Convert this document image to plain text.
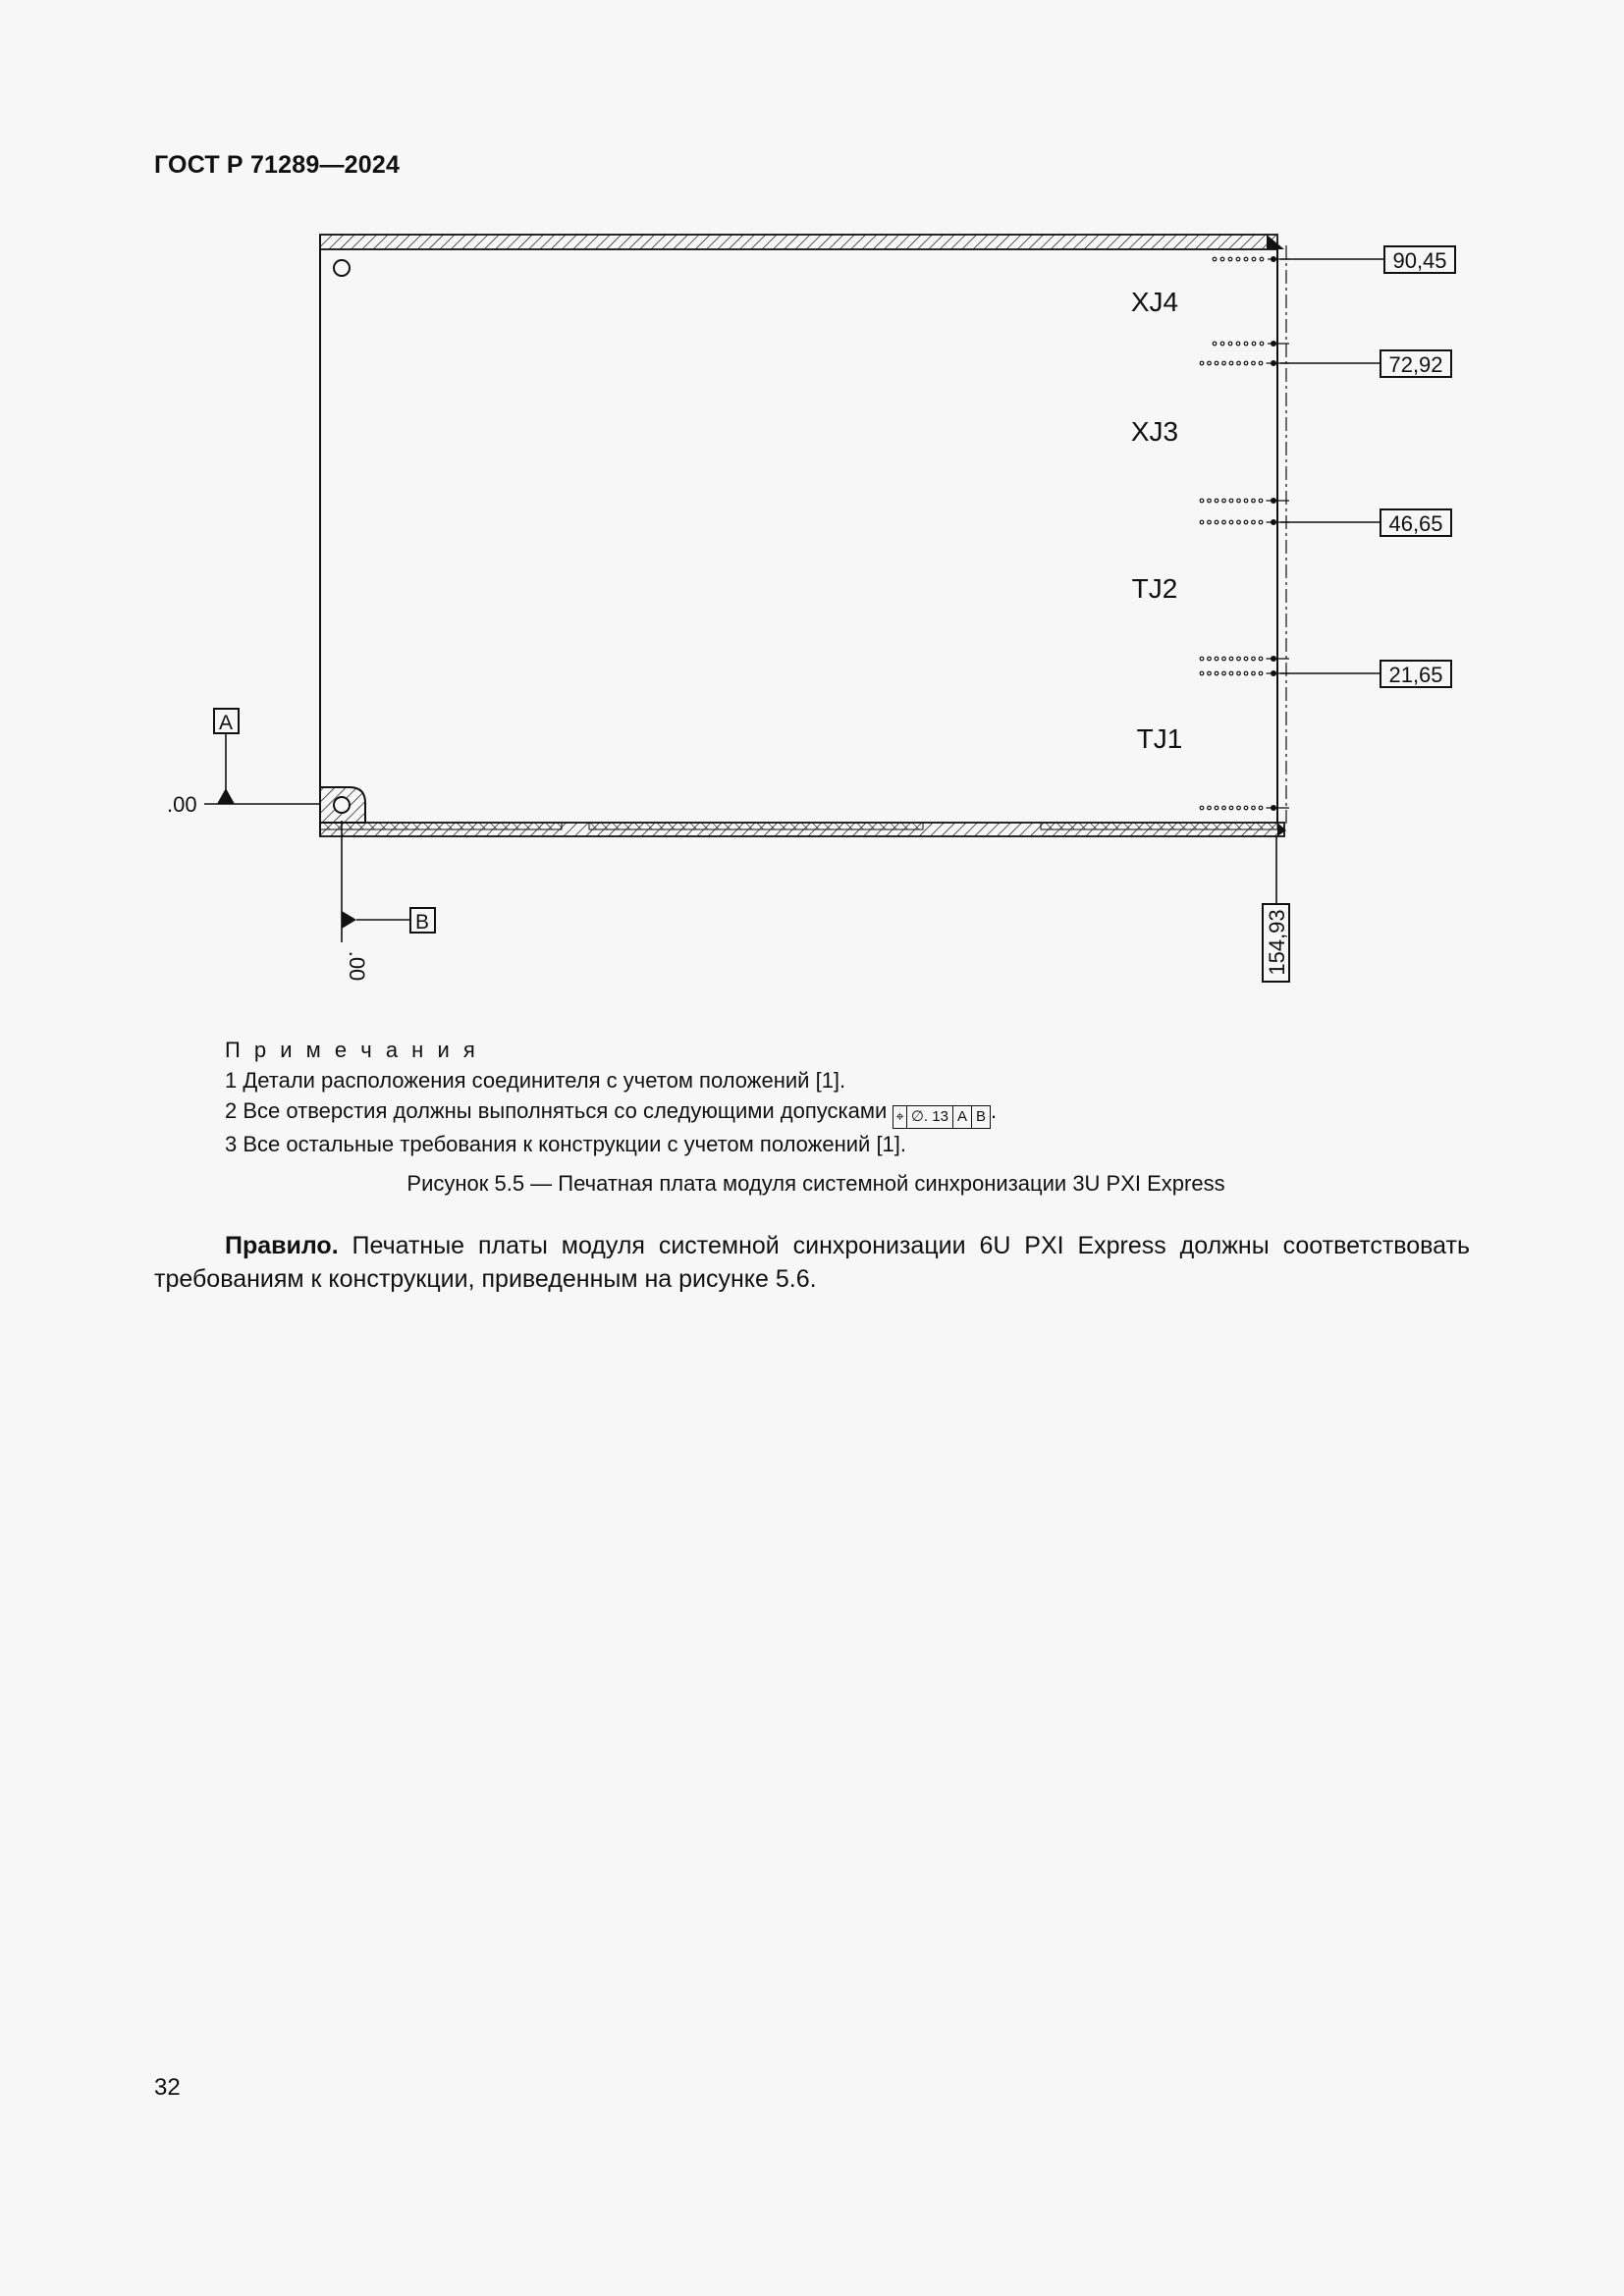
ГОСТ Р 71289—2024
XJ4
XJ3
TJ2
TJ1
90,45
72,92
46,65
21,65
154,93
A
.00
B
.00
П р и м е ч а н и я
1 Детали расположения соединителя с учетом положений [1].
2 Все отверстия должны выполняться со следующими допусками ⌖ ∅. 13 A B .
3 Все остальные требования к конструкции с учетом положений [1].
Рисунок 5.5 — Печатная плата модуля системной синхронизации 3U PXI Express
Правило. Печатные платы модуля системной синхронизации 6U PXI Express должны соответствовать требованиям к конструкции, приведенным на рисунке 5.6.
32
